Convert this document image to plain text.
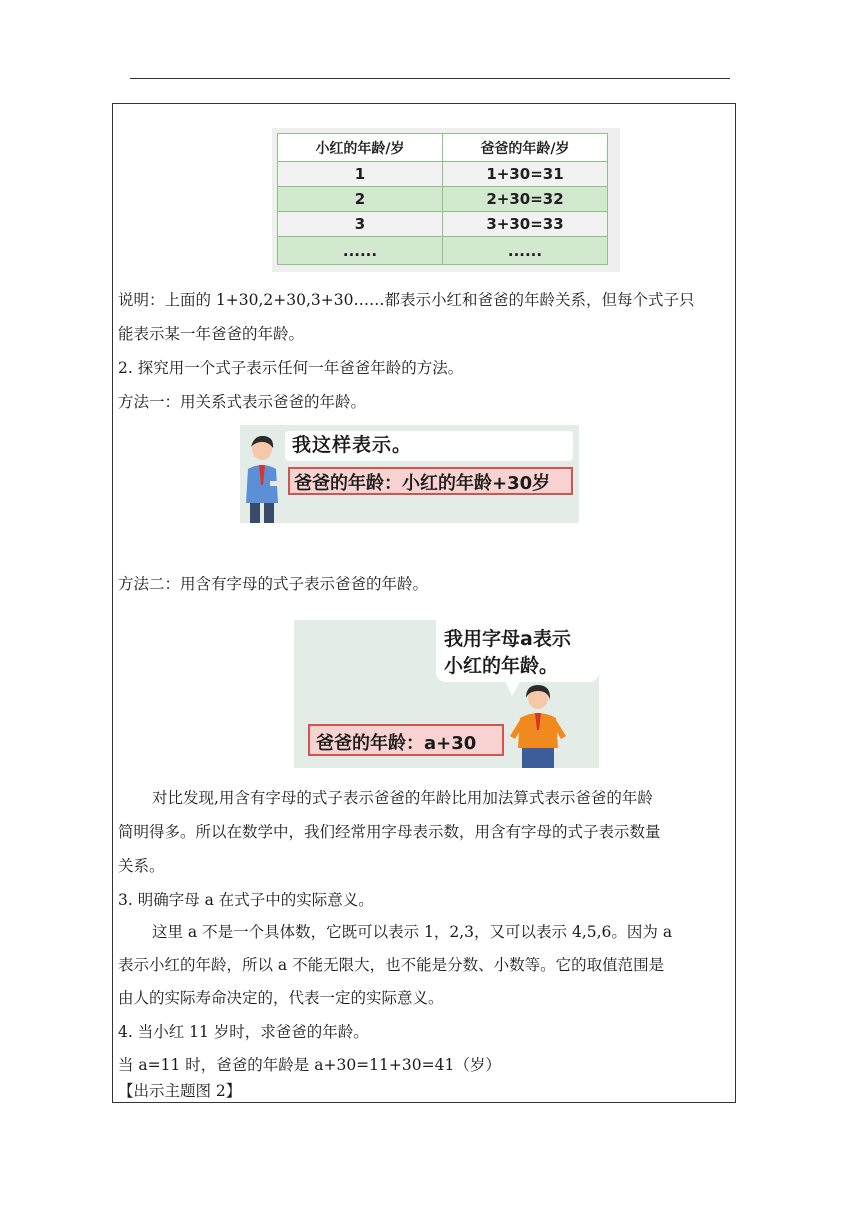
小红的年龄/岁	爸爸的年龄/岁
1	1+30=31
2	2+30=32
3	3+30=33
......	......
说明：上面的 1+30,2+30,3+30……都表示小红和爸爸的年龄关系，但每个式子只
能表示某一年爸爸的年龄。
2. 探究用一个式子表示任何一年爸爸年龄的方法。
方法一：用关系式表示爸爸的年龄。
我这样表示。
爸爸的年龄：小红的年龄+30岁
方法二：用含有字母的式子表示爸爸的年龄。
我用字母a表示
小红的年龄。
爸爸的年龄：a+30
对比发现,用含有字母的式子表示爸爸的年龄比用加法算式表示爸爸的年龄
简明得多。所以在数学中，我们经常用字母表示数，用含有字母的式子表示数量
关系。
3. 明确字母 a 在式子中的实际意义。
这里 a 不是一个具体数，它既可以表示 1，2,3，又可以表示 4,5,6。因为 a
表示小红的年龄，所以 a 不能无限大，也不能是分数、小数等。它的取值范围是
由人的实际寿命决定的，代表一定的实际意义。
4. 当小红 11 岁时，求爸爸的年龄。
当 a=11 时，爸爸的年龄是 a+30=11+30=41（岁）
【出示主题图 2】
